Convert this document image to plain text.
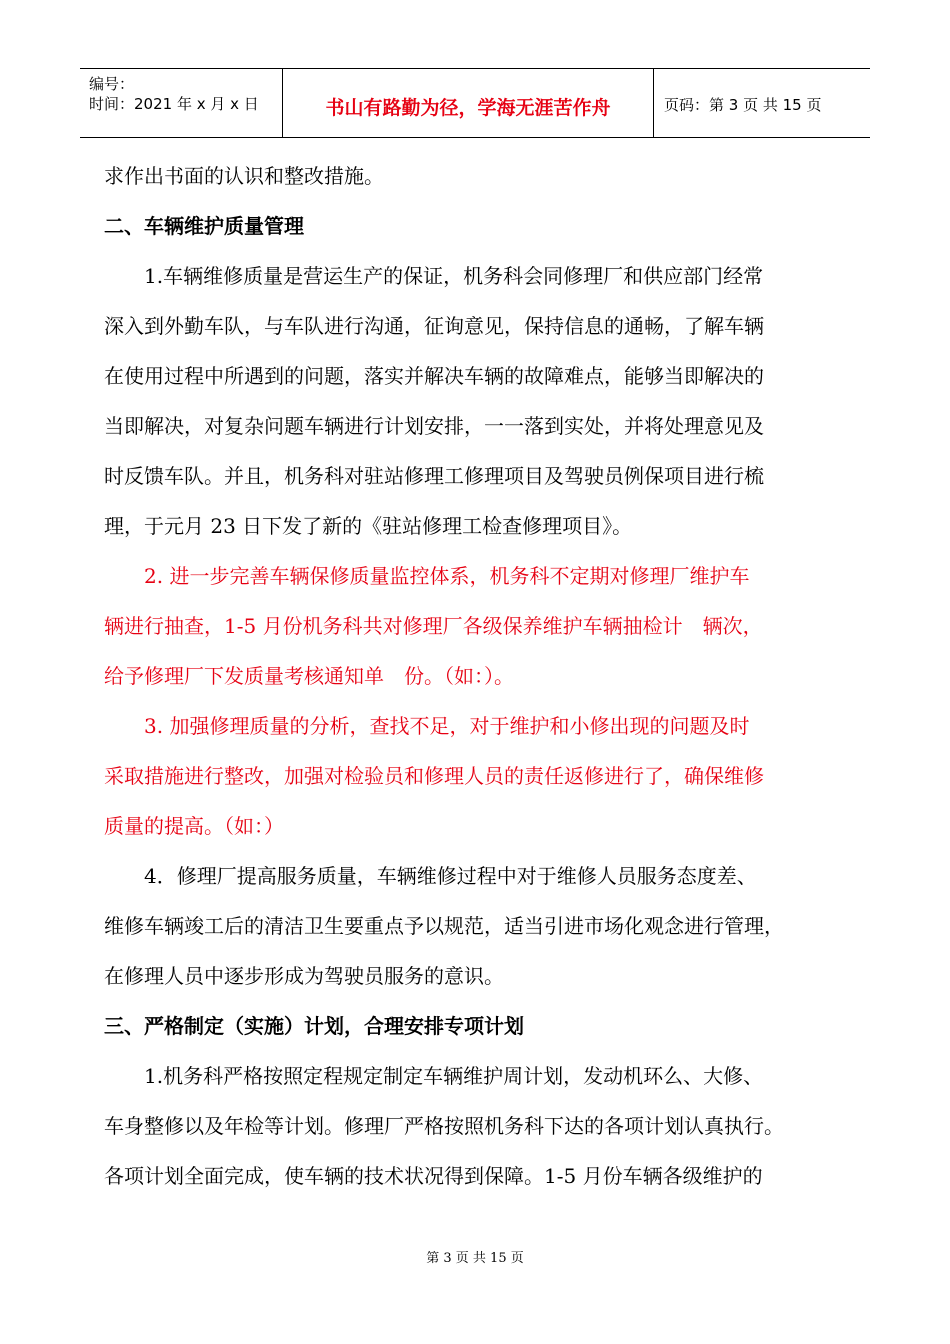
编号：
时间：2021 年 x 月 x 日	书山有路勤为径，学海无涯苦作舟	页码：第 3 页 共 15 页
求作出书面的认识和整改措施。
二、车辆维护质量管理
　　1.车辆维修质量是营运生产的保证，机务科会同修理厂和供应部门经常
深入到外勤车队，与车队进行沟通，征询意见，保持信息的通畅，了解车辆
在使用过程中所遇到的问题，落实并解决车辆的故障难点，能够当即解决的
当即解决，对复杂问题车辆进行计划安排，一一落到实处，并将处理意见及
时反馈车队。并且，机务科对驻站修理工修理项目及驾驶员例保项目进行梳
理，于元月 23 日下发了新的《驻站修理工检查修理项目》。
　　2. 进一步完善车辆保修质量监控体系，机务科不定期对修理厂维护车
辆进行抽查，1-5 月份机务科共对修理厂各级保养维护车辆抽检计　辆次，
给予修理厂下发质量考核通知单　份。（如：）。
　　3. 加强修理质量的分析，查找不足，对于维护和小修出现的问题及时
采取措施进行整改，加强对检验员和修理人员的责任返修进行了，确保维修
质量的提高。（如：）
　　4．修理厂提高服务质量，车辆维修过程中对于维修人员服务态度差、
维修车辆竣工后的清洁卫生要重点予以规范，适当引进市场化观念进行管理，
在修理人员中逐步形成为驾驶员服务的意识。
三、严格制定（实施）计划，合理安排专项计划
　　1.机务科严格按照定程规定制定车辆维护周计划，发动机环么、大修、
车身整修以及年检等计划。修理厂严格按照机务科下达的各项计划认真执行。
各项计划全面完成，使车辆的技术状况得到保障。1-5 月份车辆各级维护的
第 3 页 共 15 页
